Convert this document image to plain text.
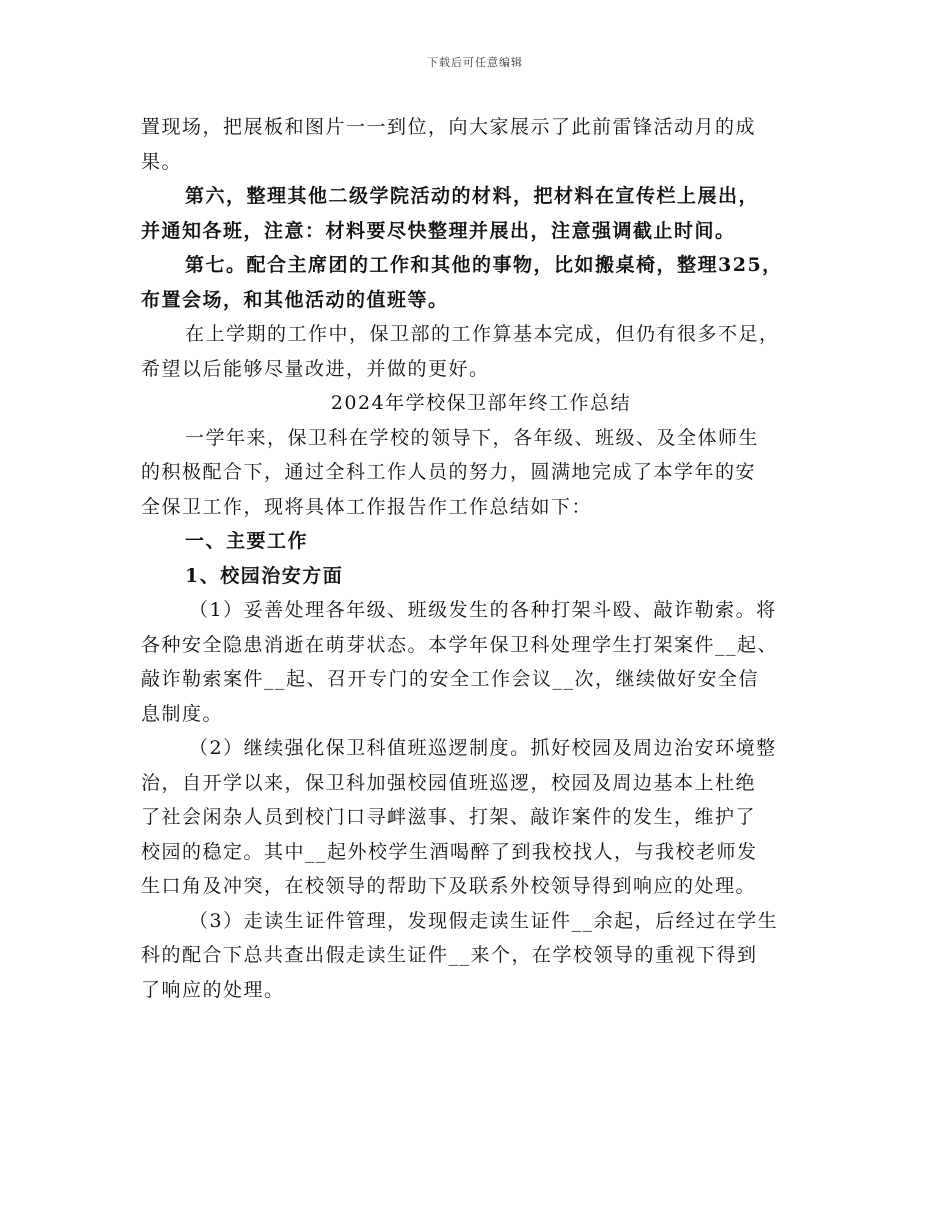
下载后可任意编辑

置现场，把展板和图片一一到位，向大家展示了此前雷锋活动月的成

果。

第六，整理其他二级学院活动的材料，把材料在宣传栏上展出，

并通知各班，注意：材料要尽快整理并展出，注意强调截止时间。

第七。配合主席团的工作和其他的事物，比如搬桌椅，整理325，

布置会场，和其他活动的值班等。

在上学期的工作中，保卫部的工作算基本完成，但仍有很多不足，

希望以后能够尽量改进，并做的更好。

2024年学校保卫部年终工作总结

一学年来，保卫科在学校的领导下，各年级、班级、及全体师生

的积极配合下，通过全科工作人员的努力，圆满地完成了本学年的安

全保卫工作，现将具体工作报告作工作总结如下：

一、主要工作

1、校园治安方面

（1）妥善处理各年级、班级发生的各种打架斗殴、敲诈勒索。将

各种安全隐患消逝在萌芽状态。本学年保卫科处理学生打架案件__起、

敲诈勒索案件__起、召开专门的安全工作会议__次，继续做好安全信

息制度。

（2）继续强化保卫科值班巡逻制度。抓好校园及周边治安环境整

治，自开学以来，保卫科加强校园值班巡逻，校园及周边基本上杜绝

了社会闲杂人员到校门口寻衅滋事、打架、敲诈案件的发生，维护了

校园的稳定。其中__起外校学生酒喝醉了到我校找人，与我校老师发

生口角及冲突，在校领导的帮助下及联系外校领导得到响应的处理。

（3）走读生证件管理，发现假走读生证件__余起，后经过在学生

科的配合下总共查出假走读生证件__来个，在学校领导的重视下得到

了响应的处理。
